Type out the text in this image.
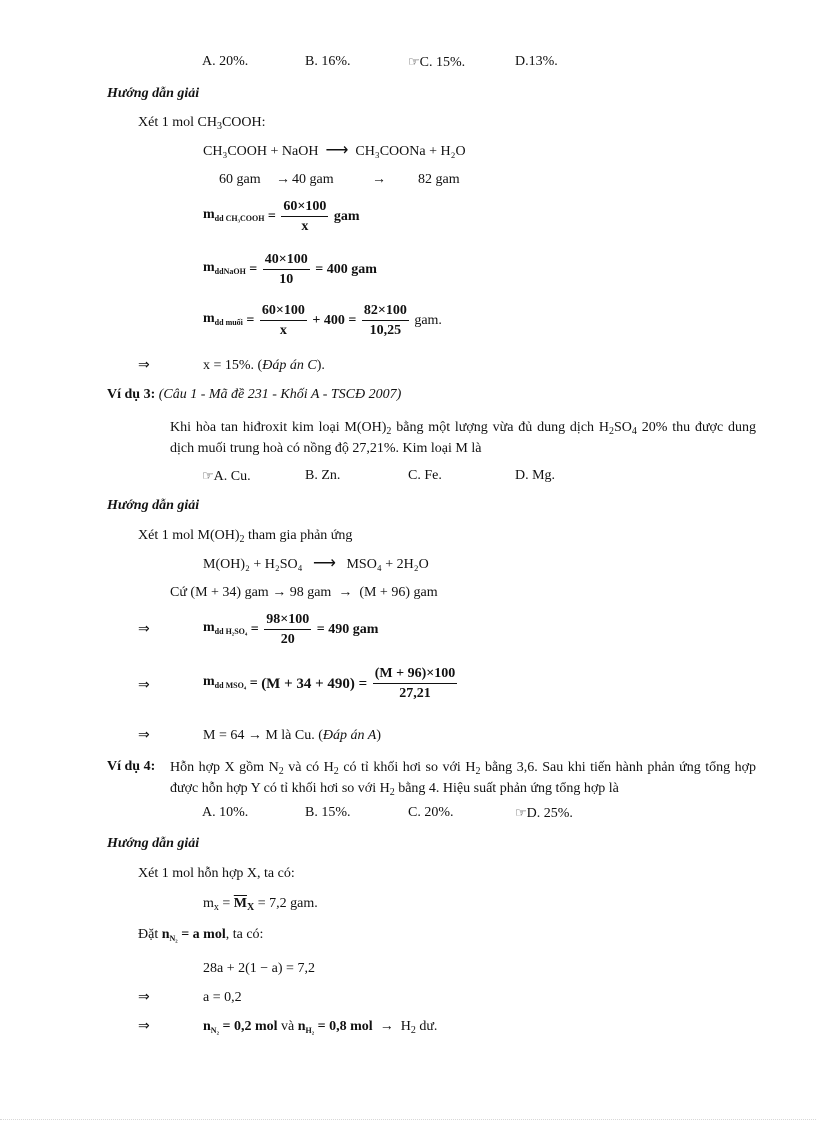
A. 20%.	B. 16%.	☞C. 15%.	D.13%.
Hướng dẫn giải
Xét 1 mol $CH_3COOH$:
CH₃COOH + NaOH ⟶ CH₃COONa + H₂O
60 gam → 40 gam	→ 82 gam
$m_{dd CH_3COOH} = \frac{60\times 100}{x}$ gam
$m_{ddNaOH} = \frac{40\times 100}{10} = 400$ gam
$m_{dd muối} = \frac{60\times 100}{x} + 400 = \frac{82\times 100}{10,25}$ gam.
⇒	x = 15%. (Đáp án C).
Ví dụ 3: (Câu 1 - Mã đề 231 - Khối A - TSCĐ 2007)
Khi hòa tan hiđroxit kim loại $M(OH)_2$ bằng một lượng vừa đủ dung dịch $H_2SO_4$ 20% thu được dung dịch muối trung hoà có nồng độ 27,21%. Kim loại M là
☞A. Cu.	B. Zn.	C. Fe.	D. Mg.
Hướng dẫn giải
Xét 1 mol $M(OH)_2$ tham gia phản ứng
M(OH)₂ + H₂SO₄ ⟶ MSO₄ + 2H₂O
Cứ (M + 34) gam → 98 gam → (M + 96) gam
⇒	$m_{dd H_2SO_4} = \frac{98\times 100}{20} = 490$ gam
⇒	$m_{dd MSO_4} = (M + 34 + 490) = \frac{(M + 96)\times 100}{27,21}$
⇒	M = 64 → M là Cu. (Đáp án A)
Ví dụ 4: Hỗn hợp X gồm $N_2$ và có $H_2$ có tỉ khối hơi so với $H_2$ bằng 3,6. Sau khi tiến hành phản ứng tổng hợp được hỗn hợp Y có tỉ khối hơi so với $H_2$ bằng 4. Hiệu suất phản ứng tổng hợp là
A. 10%.	B. 15%.	C. 20%.	☞D. 25%.
Hướng dẫn giải
Xét 1 mol hỗn hợp X, ta có:
$m_x = \overline{M}_X = 7,2$ gam.
Đặt $n_{N_2} = a$ mol, ta có:
28a + 2(1 − a) = 7,2
⇒	a = 0,2
⇒	$n_{N_2} = 0,2$ mol và $n_{H_2} = 0,8$ mol → $H_2$ dư.
